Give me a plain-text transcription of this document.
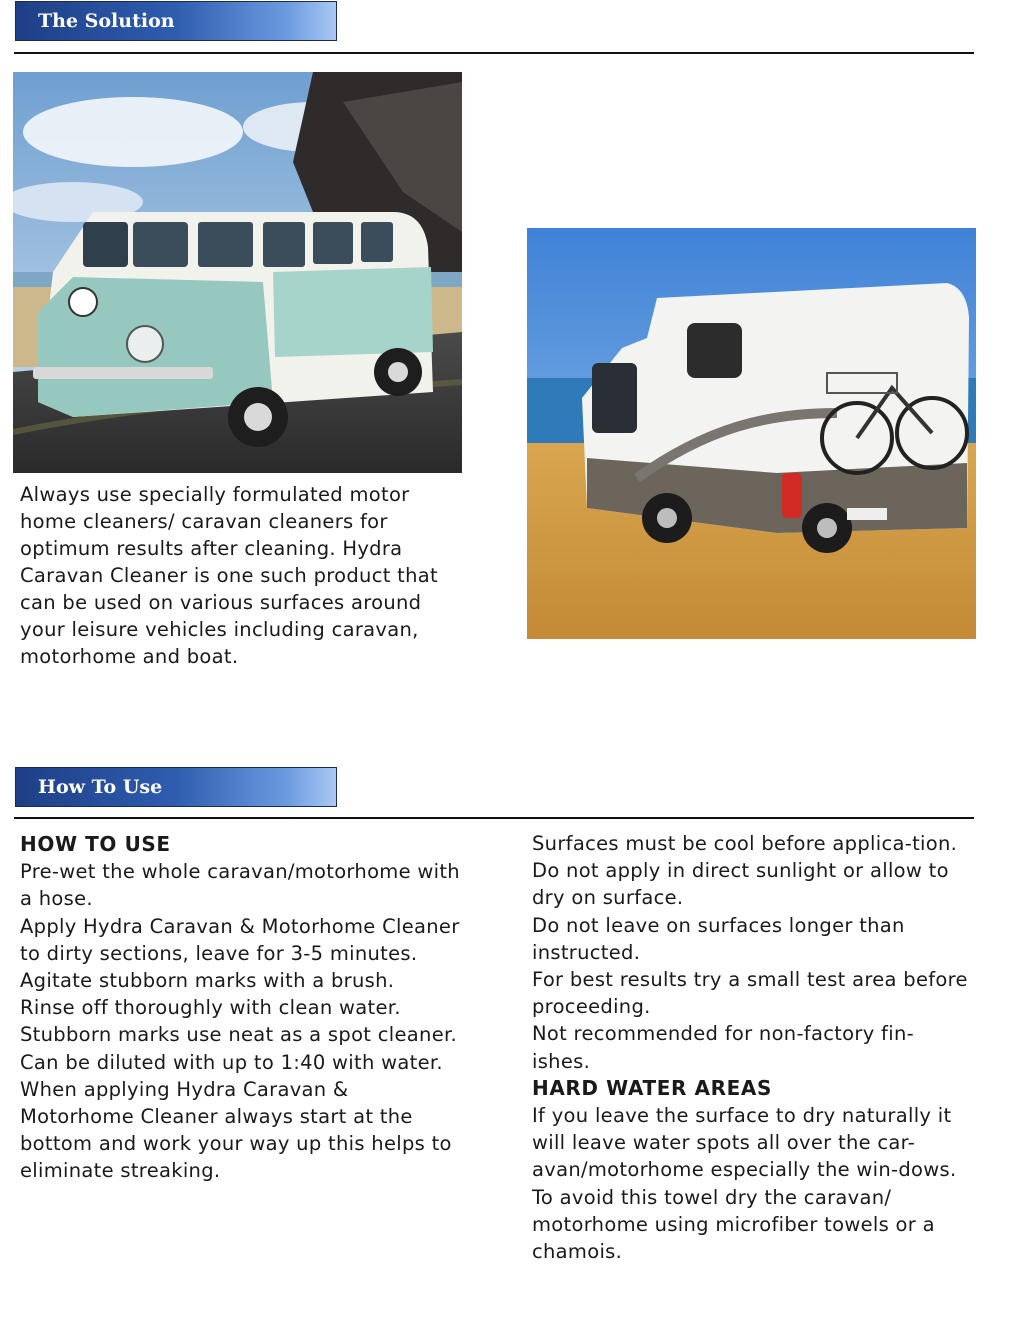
The Solution
Always use specially formulated motor home cleaners/ caravan cleaners for optimum results after cleaning. Hydra Caravan Cleaner is one such product that can be used on various surfaces around your leisure vehicles including caravan, motorhome and boat.
How To Use

HOW TO USE

Pre-wet the whole caravan/motorhome with a hose.

Apply Hydra Caravan & Motorhome Cleaner to dirty sections, leave for 3-5 minutes.

Agitate stubborn marks with a brush.

Rinse off thoroughly with clean water.

Stubborn marks use neat as a spot cleaner.

Can be diluted with up to 1:40 with water.

When applying Hydra Caravan & Motorhome Cleaner always start at the bottom and work your way up this helps to eliminate streaking.

Surfaces must be cool before applica-tion.

Do not apply in direct sunlight or allow to dry on surface.

Do not leave on surfaces longer than instructed.

For best results try a small test area before proceeding.

Not recommended for non-factory fin-ishes.

HARD WATER AREAS

If you leave the surface to dry naturally it will leave water spots all over the car-avan/motorhome especially the win-dows.

To avoid this towel dry the caravan/ motorhome using microfiber towels or a chamois.
